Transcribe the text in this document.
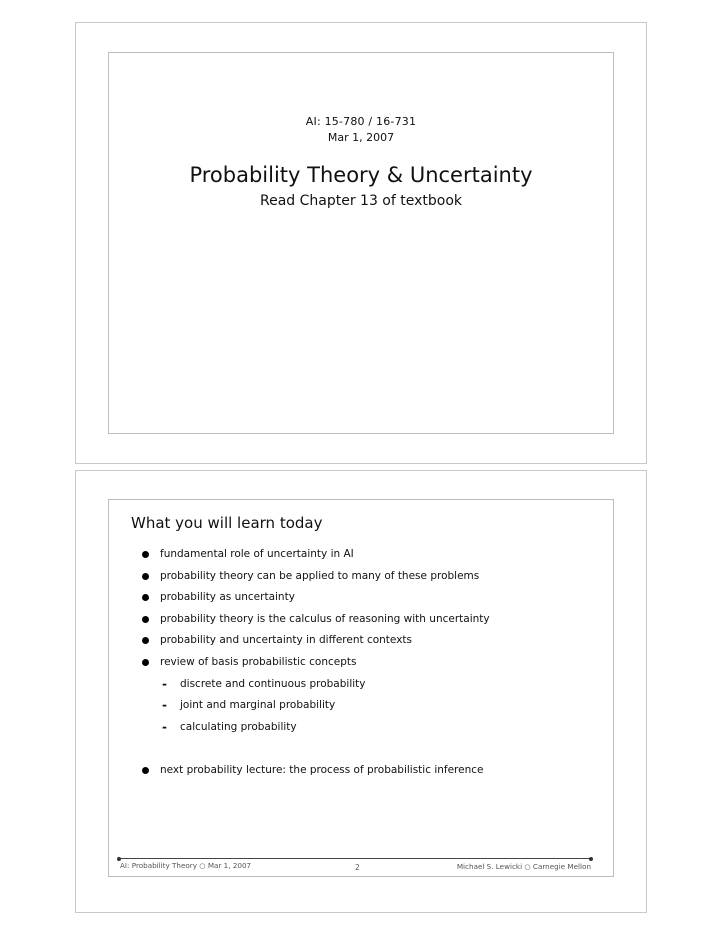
AI: 15-780 / 16-731
Mar 1, 2007
Probability Theory & Uncertainty
Read Chapter 13 of textbook
What you will learn today
fundamental role of uncertainty in AI
probability theory can be applied to many of these problems
probability as uncertainty
probability theory is the calculus of reasoning with uncertainty
probability and uncertainty in different contexts
review of basis probabilistic concepts
- discrete and continuous probability
- joint and marginal probability
- calculating probability
next probability lecture: the process of probabilistic inference
AI: Probability Theory ○ Mar 1, 2007	2	Michael S. Lewicki ○ Carnegie Mellon
